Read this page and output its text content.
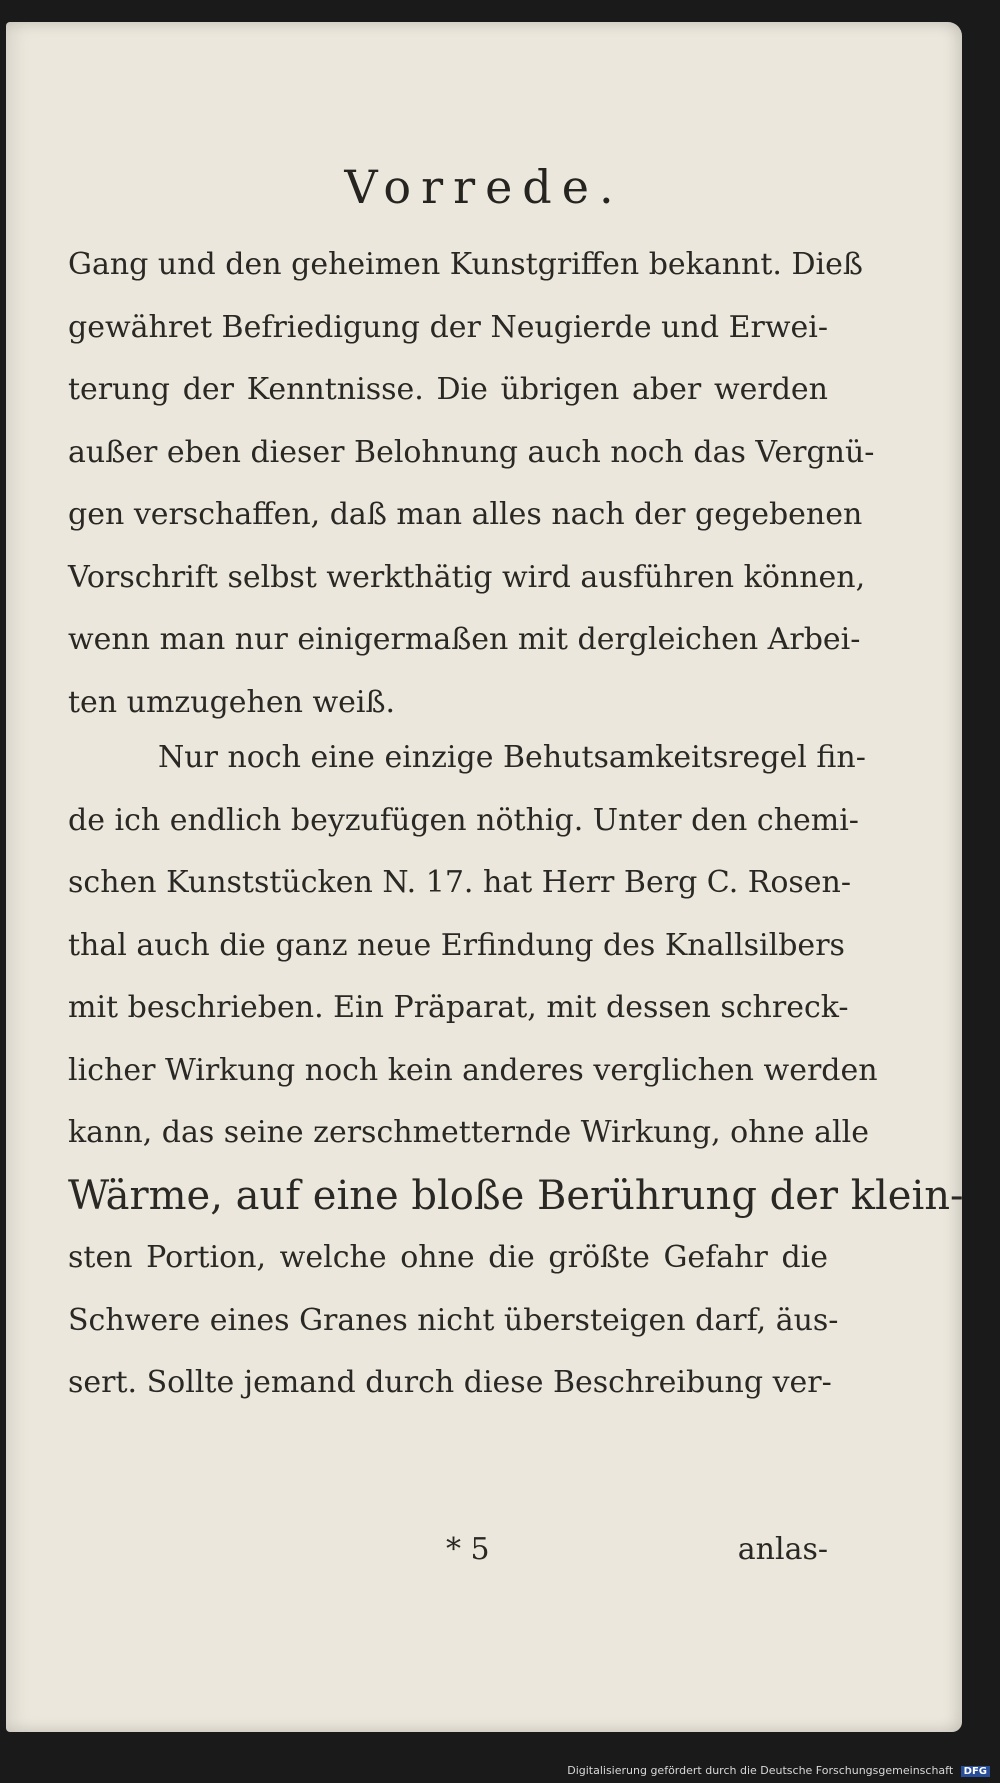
Vorrede.
Gang und den geheimen Kunstgriffen bekannt. Dieß
gewähret Befriedigung der Neugierde und Erwei-
terung der Kenntnisse. Die übrigen aber werden
außer eben dieser Belohnung auch noch das Vergnü-
gen verschaffen, daß man alles nach der gegebenen
Vorschrift selbst werkthätig wird ausführen können,
wenn man nur einigermaßen mit dergleichen Arbei-
ten umzugehen weiß.
Nur noch eine einzige Behutsamkeitsregel fin-
de ich endlich beyzufügen nöthig. Unter den chemi-
schen Kunststücken N. 17. hat Herr Berg C. Rosen-
thal auch die ganz neue Erfindung des Knallsilbers
mit beschrieben. Ein Präparat, mit dessen schreck-
licher Wirkung noch kein anderes verglichen werden
kann, das seine zerschmetternde Wirkung, ohne alle
Wärme, auf eine bloße Berührung der klein-
sten Portion, welche ohne die größte Gefahr die
Schwere eines Granes nicht übersteigen darf, äus-
sert. Sollte jemand durch diese Beschreibung ver-
* 5	anlas-
Digitalisierung gefördert durch die Deutsche Forschungsgemeinschaft DFG
